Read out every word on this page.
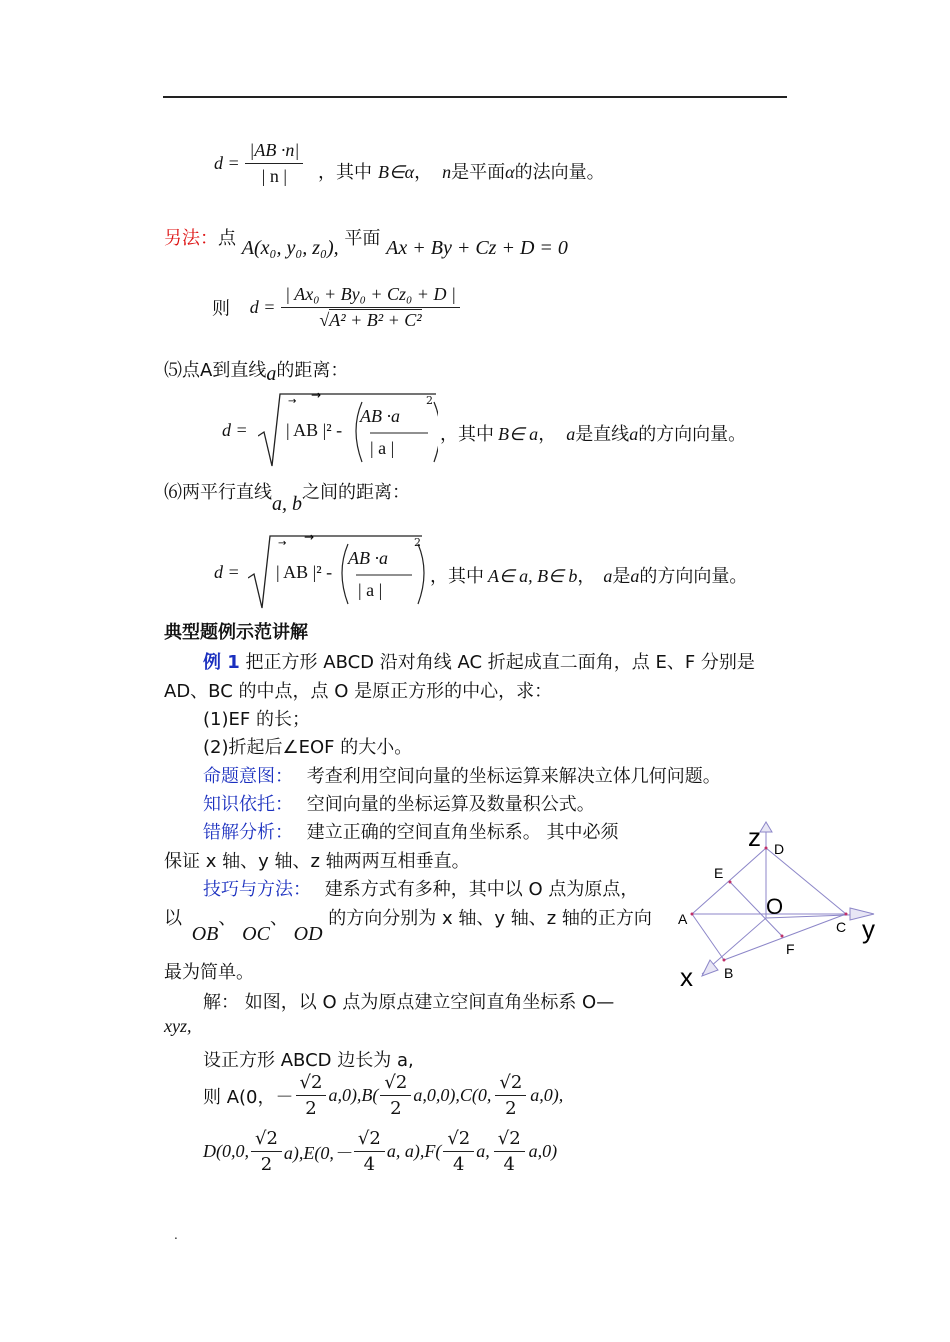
$d = \frac{|AB \cdot n|}{| n |}$ ，其中 B∈α， n是平面α的法向量。
另法：点 A(x₀, y₀, z₀), 平面 Ax + By + Cz + D = 0
则 $d = \frac{\text{| Ax₀ + By₀ + Cz₀ + D |}}{\text{√A² + B² + C²}}$
⑸点A到直线a的距离：
d =
→
→
| AB |² -
AB ·a
| a |
2
，其中 B∈ a， a是直线a的方向向量。
⑹两平行直线a, b之间的距离：
d =
→
→
| AB |² -
AB ·a
| a |
2
，其中 A∈ a, B∈ b， a是a的方向向量。
典型题例示范讲解
例 1 把正方形 ABCD 沿对角线 AC 折起成直二面角，点 E、F 分别是
AD、BC 的中点，点 O 是原正方形的中心，求：
(1)EF 的长；
(2)折起后∠EOF 的大小。
命题意图： 考查利用空间向量的坐标运算来解决立体几何问题。
知识依托： 空间向量的坐标运算及数量积公式。
错解分析： 建立正确的空间直角坐标系。 其中必须
保证 x 轴、y 轴、z 轴两两互相垂直。
技巧与方法： 建系方式有多种，其中以 O 点为原点，
以 OB、 OC、 OD 的方向分别为 x 轴、y 轴、z 轴的正方向
最为简单。
解： 如图，以 O 点为原点建立空间直角坐标系 O—
xyz,
设正方形 ABCD 边长为 a,
则 A(0，－ $\frac{√2}{2} a,0),B( \frac{√2}{2} a,0,0),C(0$, $\frac{√2}{2} a,0$),
D(0,0, $\frac{√2}{2} a),E(0,- \frac{√2}{4} a$, $a),F( \frac{√2}{4} a$, $\frac{√2}{4} a,0$)
z
y
x
O
A
B
C
D
E
F
.
